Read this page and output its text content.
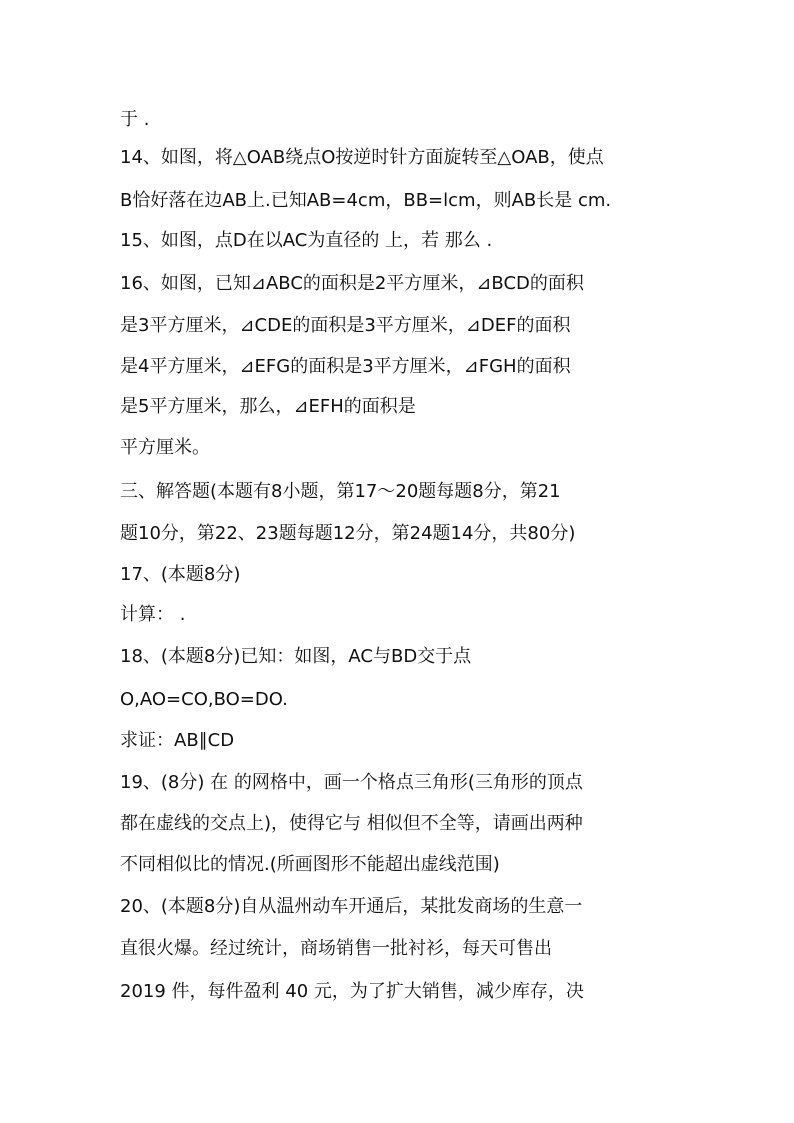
于 .

14、如图，将△OAB绕点O按逆时针方面旋转至△OAB，使点

B恰好落在边AB上.已知AB=4cm，BB=lcm，则AB长是 cm.

15、如图，点D在以AC为直径的 上，若 那么 .

16、如图，已知⊿ABC的面积是2平方厘米，⊿BCD的面积

是3平方厘米，⊿CDE的面积是3平方厘米，⊿DEF的面积

是4平方厘米，⊿EFG的面积是3平方厘米，⊿FGH的面积

是5平方厘米，那么，⊿EFH的面积是

平方厘米。

三、解答题(本题有8小题，第17～20题每题8分，第21

题10分，第22、23题每题12分，第24题14分，共80分)

17、(本题8分)

计算： .

18、(本题8分)已知：如图，AC与BD交于点

O,AO=CO,BO=DO.

求证：AB∥CD

19、(8分) 在 的网格中，画一个格点三角形(三角形的顶点

都在虚线的交点上)，使得它与 相似但不全等，请画出两种

不同相似比的情况.(所画图形不能超出虚线范围)

20、(本题8分)自从温州动车开通后，某批发商场的生意一

直很火爆。经过统计，商场销售一批衬衫，每天可售出

2019 件，每件盈利 40 元，为了扩大销售，减少库存，决
